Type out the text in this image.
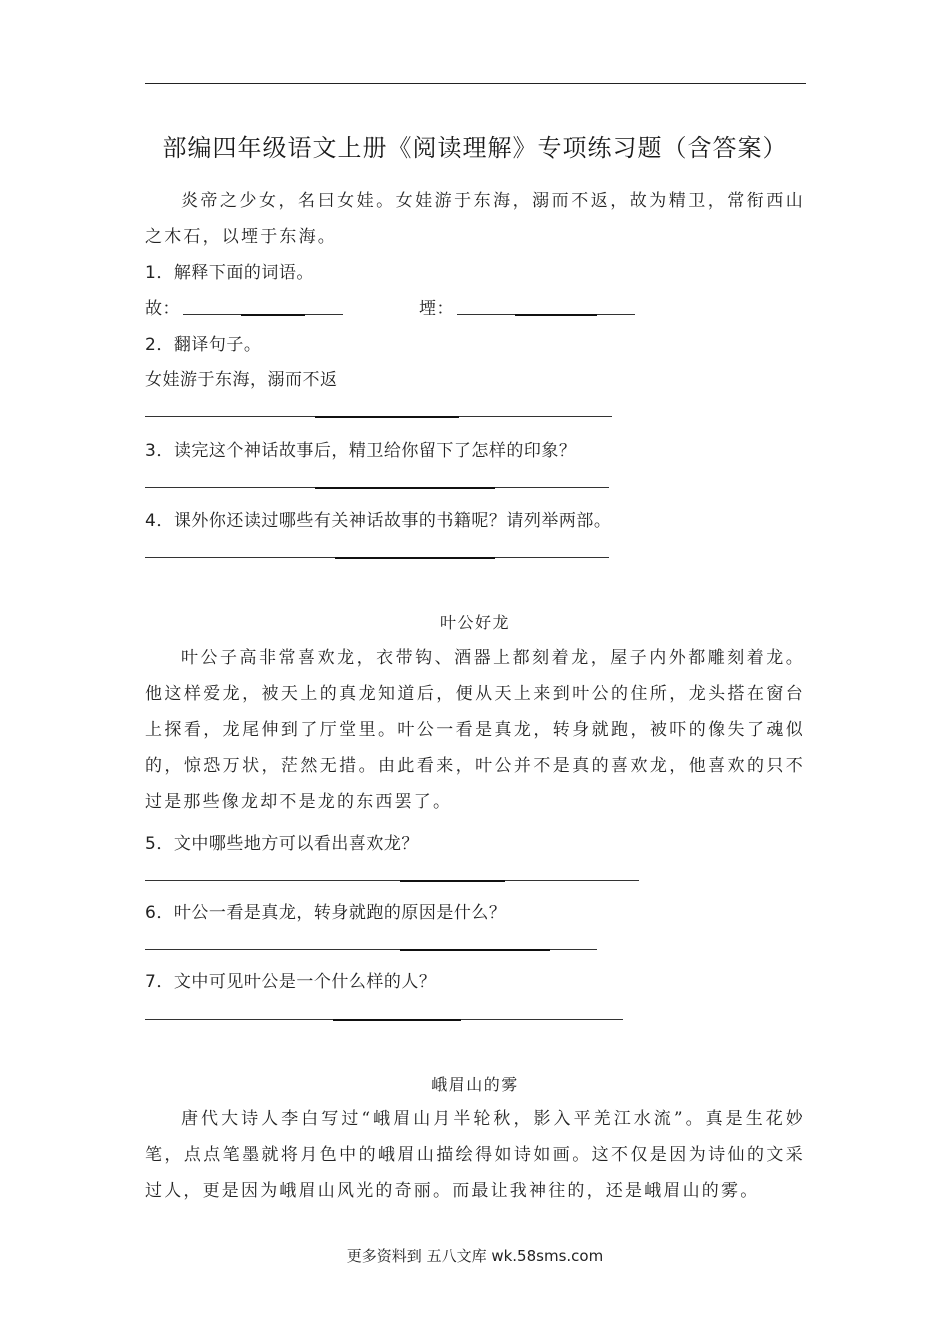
部编四年级语文上册《阅读理解》专项练习题（含答案）
炎帝之少女，名曰女娃。女娃游于东海，溺而不返，故为精卫，常衔西山之木石，以堙于东海。
1．解释下面的词语。
故：	堙：
2．翻译句子。
女娃游于东海，溺而不返
3．读完这个神话故事后，精卫给你留下了怎样的印象？
4．课外你还读过哪些有关神话故事的书籍呢？请列举两部。
叶公好龙
叶公子高非常喜欢龙，衣带钩、酒器上都刻着龙，屋子内外都雕刻着龙。他这样爱龙，被天上的真龙知道后，便从天上来到叶公的住所，龙头搭在窗台上探看，龙尾伸到了厅堂里。叶公一看是真龙，转身就跑，被吓的像失了魂似的，惊恐万状，茫然无措。由此看来，叶公并不是真的喜欢龙，他喜欢的只不过是那些像龙却不是龙的东西罢了。
5．文中哪些地方可以看出喜欢龙？
6．叶公一看是真龙，转身就跑的原因是什么？
7．文中可见叶公是一个什么样的人？
峨眉山的雾
唐代大诗人李白写过“峨眉山月半轮秋，影入平羌江水流”。真是生花妙笔，点点笔墨就将月色中的峨眉山描绘得如诗如画。这不仅是因为诗仙的文采过人，更是因为峨眉山风光的奇丽。而最让我神往的，还是峨眉山的雾。
更多资料到 五八文库 wk.58sms.com
